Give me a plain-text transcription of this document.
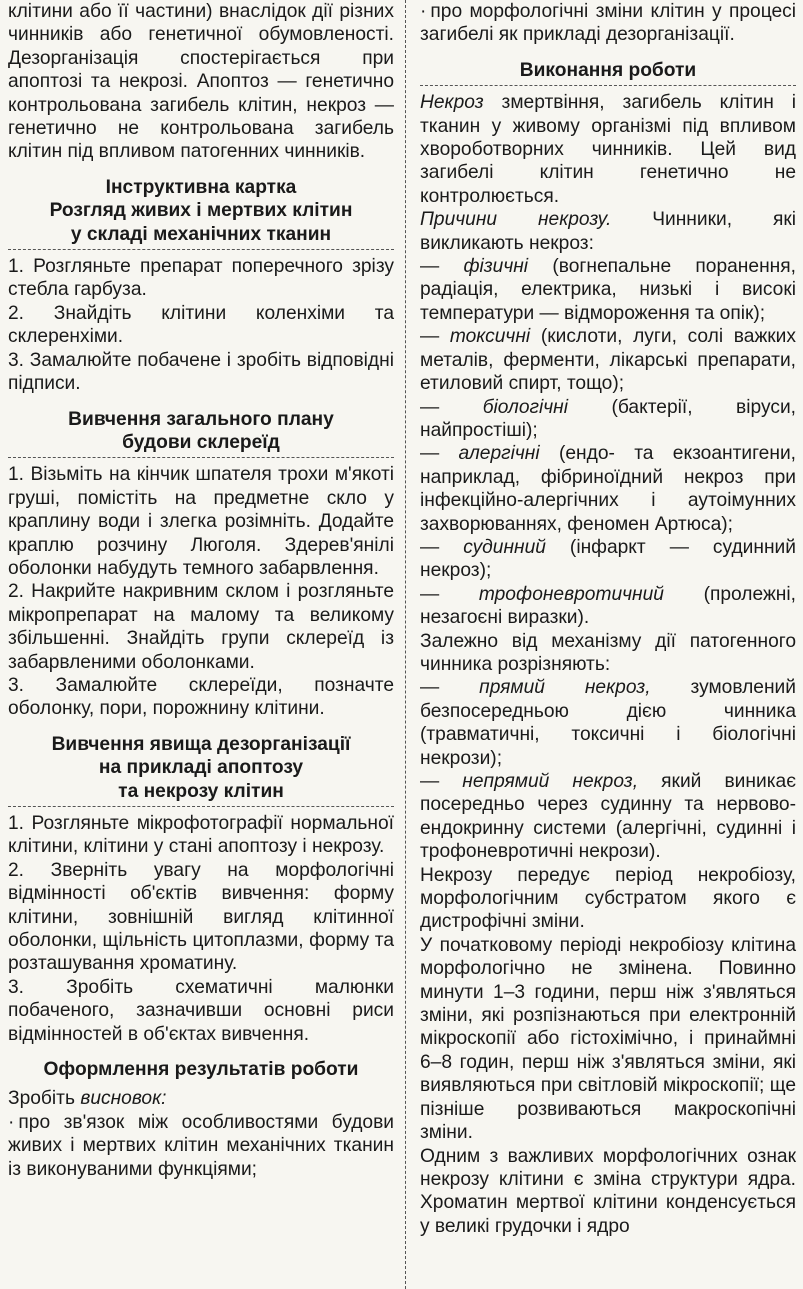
клітини або її частини) внаслідок дії різних чинників або генетичної обумовленості. Дезорганізація спостерігається при апоптозі та некрозі. Апоптоз — генетично контрольована загибель клітин, некроз — генетично не контрольована загибель клітин під впливом патогенних чинників.

Інструктивна картка

Розгляд живих і мертвих клітин

у складі механічних тканин

1. Розгляньте препарат поперечного зрізу стебла гарбуза.

2. Знайдіть клітини коленхіми та склеренхіми.

3. Замалюйте побачене і зробіть відповідні підписи.

Вивчення загального плану

будови склереїд

1. Візьміть на кінчик шпателя трохи м'якоті груші, помістіть на предметне скло у краплину води і злегка розімніть. Додайте краплю розчину Люголя. Здерев'янілі оболонки набудуть темного забарвлення.

2. Накрийте накривним склом і розгляньте мікропрепарат на малому та великому збільшенні. Знайдіть групи склереїд із забарвленими оболонками.

3. Замалюйте склереїди, позначте оболонку, пори, порожнину клітини.

Вивчення явища дезорганізації

на прикладі апоптозу

та некрозу клітин

1. Розгляньте мікрофотографії нормальної клітини, клітини у стані апоптозу і некрозу.

2. Зверніть увагу на морфологічні відмінності об'єктів вивчення: форму клітини, зовнішній вигляд клітинної оболонки, щільність цитоплазми, форму та розташування хроматину.

3. Зробіть схематичні малюнки побаченого, зазначивши основні риси відмінностей в об'єктах вивчення.

Оформлення результатів роботи

Зробіть висновок:

· про зв'язок між особливостями будови живих і мертвих клітин механічних тканин із виконуваними функціями;

· про морфологічні зміни клітин у процесі загибелі як прикладі дезорганізації.

Виконання роботи

Некроз змертвіння, загибель клітин і тканин у живому організмі під впливом хвороботворних чинників. Цей вид загибелі клітин генетично не контролюється.

Причини некрозу. Чинники, які викликають некроз:

— фізичні (вогнепальне поранення, радіація, електрика, низькі і високі температури — відмороження та опік);

— токсичні (кислоти, луги, солі важких металів, ферменти, лікарські препарати, етиловий спирт, тощо);

— біологічні (бактерії, віруси, найпростіші);

— алергічні (ендо- та екзоантигени, наприклад, фібриноїдний некроз при інфекційно-алергічних і аутоімунних захворюваннях, феномен Артюса);

— судинний (інфаркт — судинний некроз);

— трофоневротичний (пролежні, незагоєні виразки).

Залежно від механізму дії патогенного чинника розрізняють:

— прямий некроз, зумовлений безпосередньою дією чинника (травматичні, токсичні і біологічні некрози);

— непрямий некроз, який виникає посередньо через судинну та нервово-ендокринну системи (алергічні, судинні і трофоневротичні некрози).

Некрозу передує період некробіозу, морфологічним субстратом якого є дистрофічні зміни.

У початковому періоді некробіозу клітина морфологічно не змінена. Повинно минути 1–3 години, перш ніж з'являться зміни, які розпізнаються при електронній мікроскопії або гістохімічно, і принаймні 6–8 годин, перш ніж з'являться зміни, які виявляються при світловій мікроскопії; ще пізніше розвиваються макроскопічні зміни.

Одним з важливих морфологічних ознак некрозу клітини є зміна структури ядра. Хроматин мертвої клітини конденсується у великі грудочки і ядро
